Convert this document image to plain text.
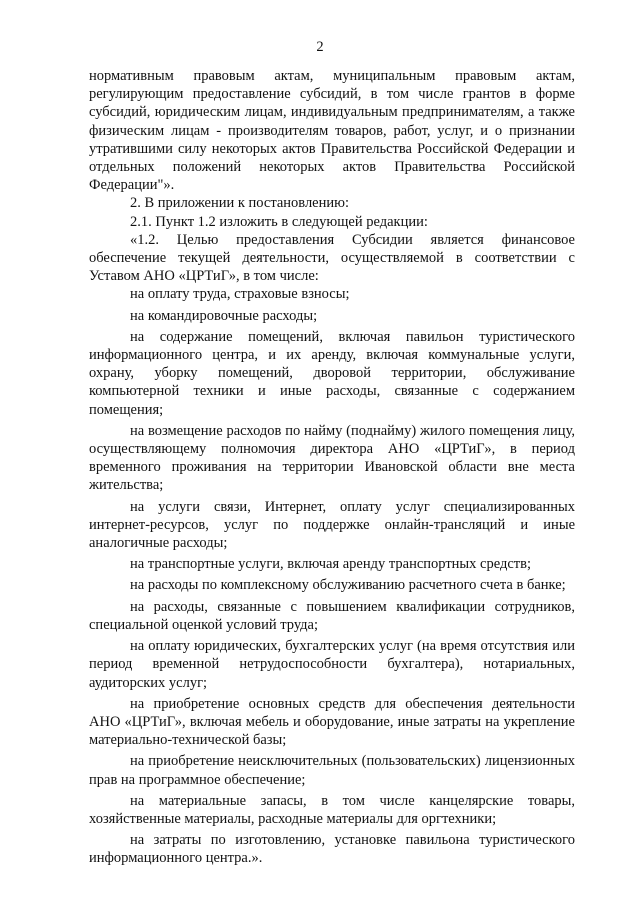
2

нормативным правовым актам, муниципальным правовым актам, регулирующим предоставление субсидий, в том числе грантов в форме субсидий, юридическим лицам, индивидуальным предпринимателям, а также физическим лицам - производителям товаров, работ, услуг, и о признании утратившими силу некоторых актов Правительства Российской Федерации и отдельных положений некоторых актов Правительства Российской Федерации"».

2. В приложении к постановлению:

2.1. Пункт 1.2 изложить в следующей редакции:

«1.2. Целью предоставления Субсидии является финансовое обеспечение текущей деятельности, осуществляемой в соответствии с Уставом АНО «ЦРТиГ», в том числе:

на оплату труда, страховые взносы;

на командировочные расходы;

на содержание помещений, включая павильон туристического информационного центра, и их аренду, включая коммунальные услуги, охрану, уборку помещений, дворовой территории, обслуживание компьютерной техники и иные расходы, связанные с содержанием помещения;

на возмещение расходов по найму (поднайму) жилого помещения лицу, осуществляющему полномочия директора АНО «ЦРТиГ», в период временного проживания на территории Ивановской области вне места жительства;

на услуги связи, Интернет, оплату услуг специализированных интернет-ресурсов, услуг по поддержке онлайн-трансляций и иные аналогичные расходы;

на транспортные услуги, включая аренду транспортных средств;

на расходы по комплексному обслуживанию расчетного счета в банке;

на расходы, связанные с повышением квалификации сотрудников, специальной оценкой условий труда;

на оплату юридических, бухгалтерских услуг (на время отсутствия или период временной нетрудоспособности бухгалтера), нотариальных, аудиторских услуг;

на приобретение основных средств для обеспечения деятельности АНО «ЦРТиГ», включая мебель и оборудование, иные затраты на укрепление материально-технической базы;

на приобретение неисключительных (пользовательских) лицензионных прав на программное обеспечение;

на материальные запасы, в том числе канцелярские товары, хозяйственные материалы, расходные материалы для оргтехники;

на затраты по изготовлению, установке павильона туристического информационного центра.».
